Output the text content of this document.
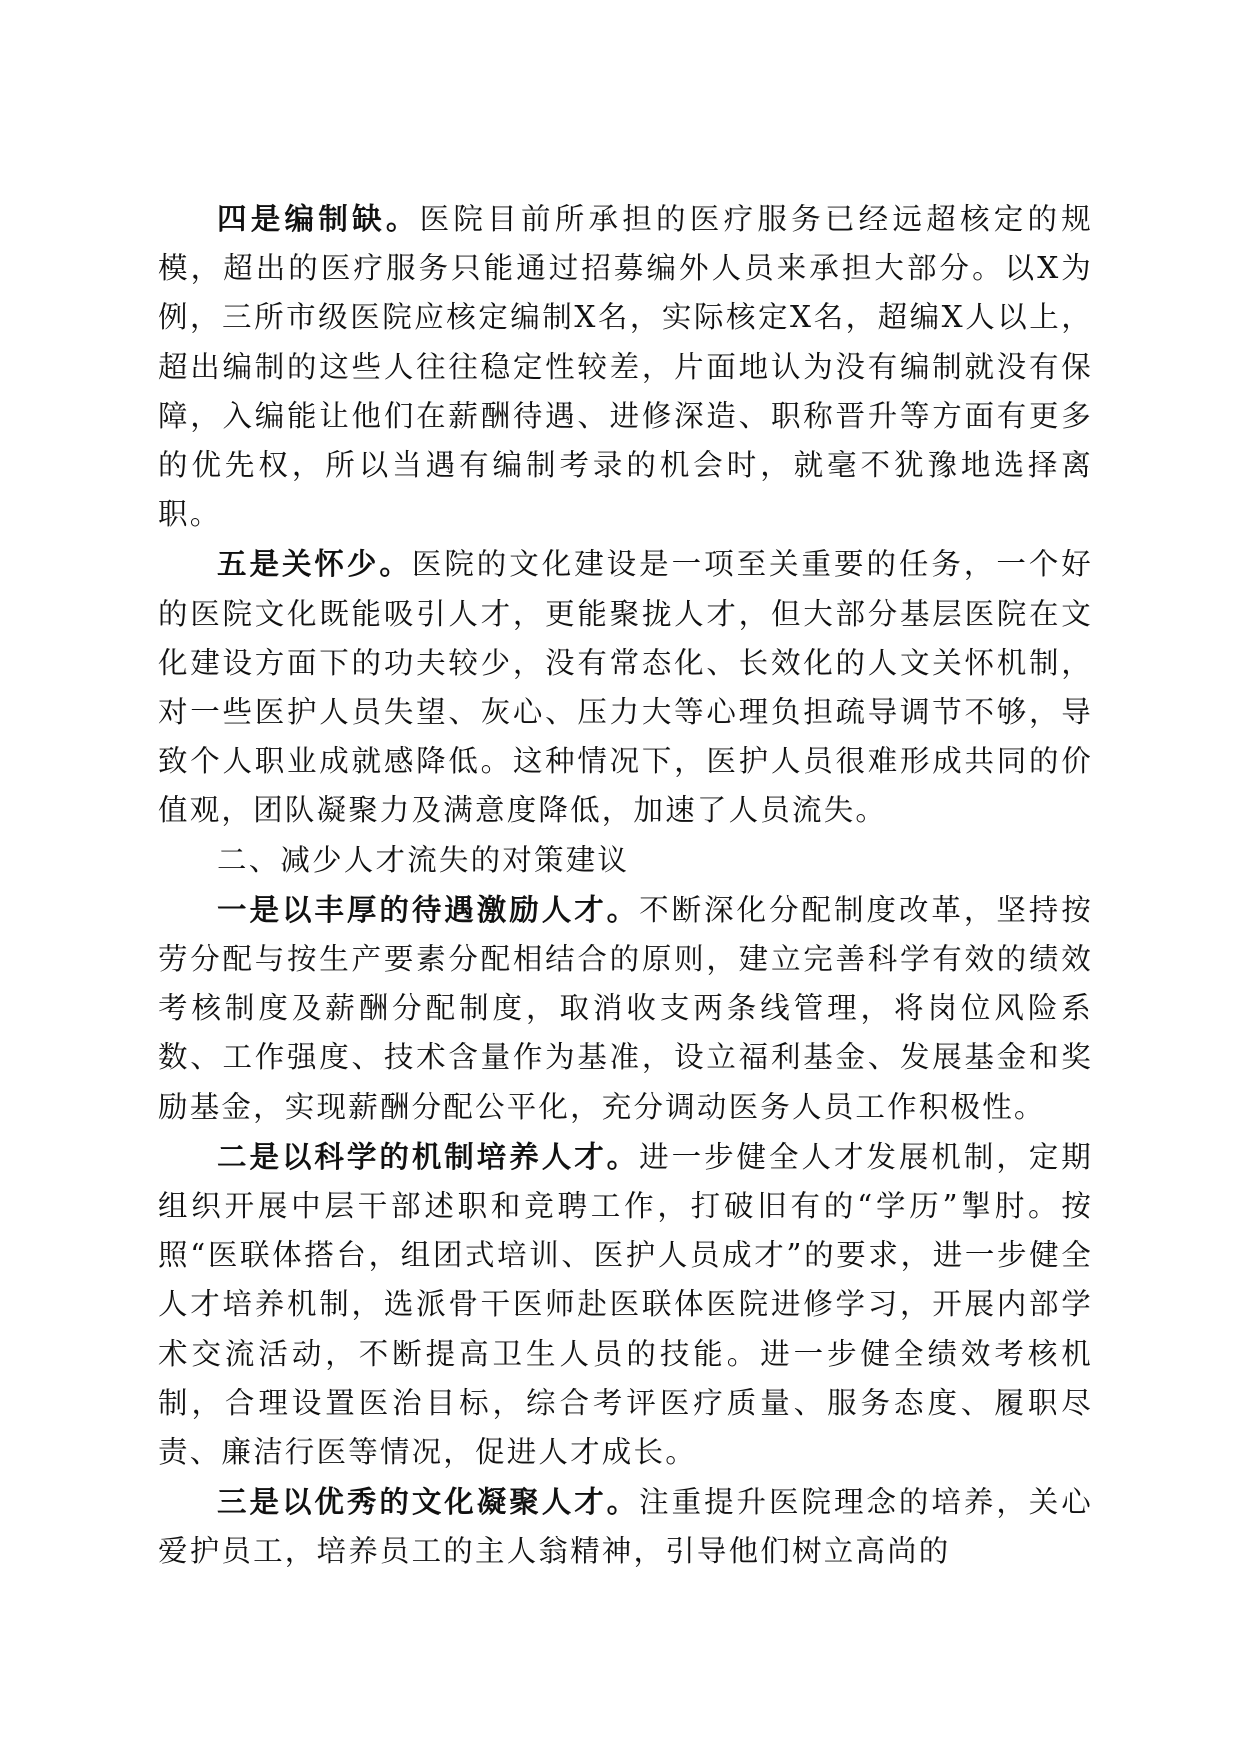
四是编制缺。医院目前所承担的医疗服务已经远超核定的规模，超出的医疗服务只能通过招募编外人员来承担大部分。以X为例，三所市级医院应核定编制X名，实际核定X名，超编X人以上，超出编制的这些人往往稳定性较差，片面地认为没有编制就没有保障，入编能让他们在薪酬待遇、进修深造、职称晋升等方面有更多的优先权，所以当遇有编制考录的机会时，就毫不犹豫地选择离职。

五是关怀少。医院的文化建设是一项至关重要的任务，一个好的医院文化既能吸引人才，更能聚拢人才，但大部分基层医院在文化建设方面下的功夫较少，没有常态化、长效化的人文关怀机制，对一些医护人员失望、灰心、压力大等心理负担疏导调节不够，导致个人职业成就感降低。这种情况下，医护人员很难形成共同的价值观，团队凝聚力及满意度降低，加速了人员流失。

二、减少人才流失的对策建议

一是以丰厚的待遇激励人才。不断深化分配制度改革，坚持按劳分配与按生产要素分配相结合的原则，建立完善科学有效的绩效考核制度及薪酬分配制度，取消收支两条线管理，将岗位风险系数、工作强度、技术含量作为基准，设立福利基金、发展基金和奖励基金，实现薪酬分配公平化，充分调动医务人员工作积极性。

二是以科学的机制培养人才。进一步健全人才发展机制，定期组织开展中层干部述职和竞聘工作，打破旧有的“学历”掣肘。按照“医联体搭台，组团式培训、医护人员成才”的要求，进一步健全人才培养机制，选派骨干医师赴医联体医院进修学习，开展内部学术交流活动，不断提高卫生人员的技能。进一步健全绩效考核机制，合理设置医治目标，综合考评医疗质量、服务态度、履职尽责、廉洁行医等情况，促进人才成长。

三是以优秀的文化凝聚人才。注重提升医院理念的培养，关心爱护员工，培养员工的主人翁精神，引导他们树立高尚的
